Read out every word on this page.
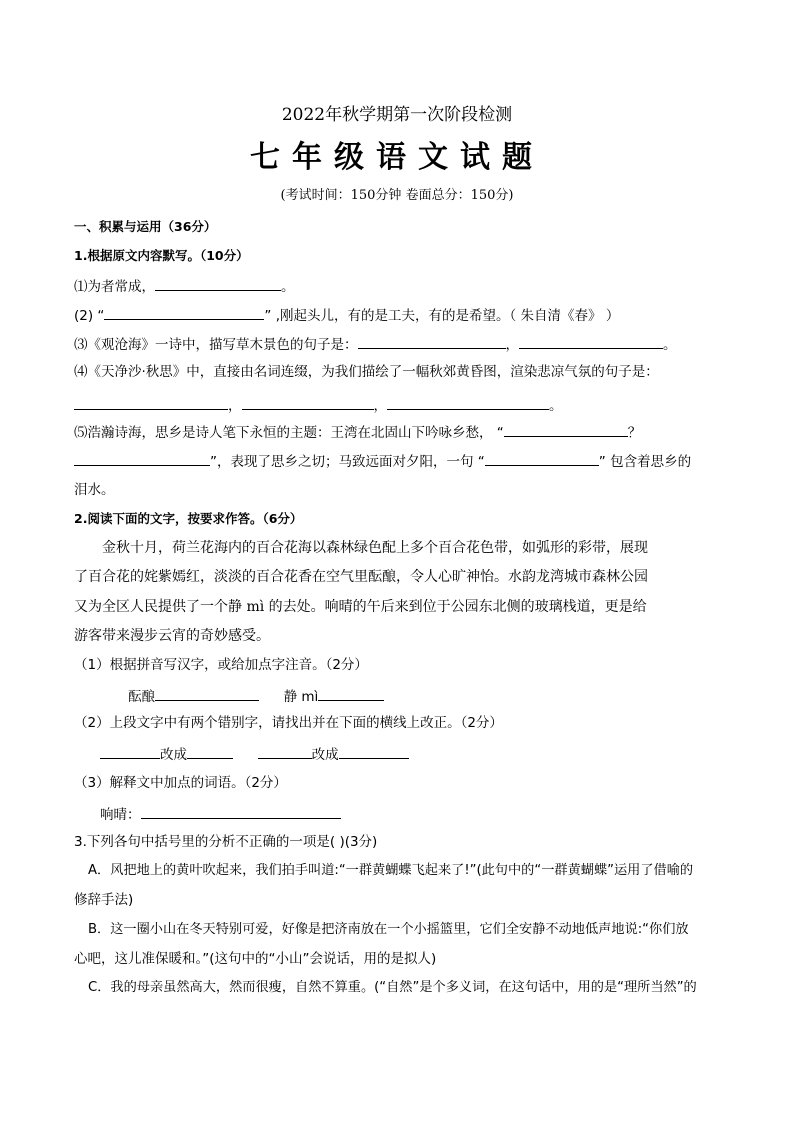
2022年秋学期第一次阶段检测
七年级语文试题
(考试时间：150分钟 卷面总分：150分)
一、积累与运用（36分）
1.根据原文内容默写。（10分）
⑴为者常成，	。
(2) “	” ,刚起头儿，有的是工夫，有的是希望。（ 朱自清《春》 ）
⑶《观沧海》一诗中，描写草木景色的句子是：	，	。
⑷《天净沙·秋思》中，直接由名词连缀，为我们描绘了一幅秋郊黄昏图，渲染悲凉气氛的句子是：
，	，	。
⑸浩瀚诗海，思乡是诗人笔下永恒的主题：王湾在北固山下吟咏乡愁， “	？
”，表现了思乡之切；马致远面对夕阳，一句 “	” 包含着思乡的
泪水。
2.阅读下面的文字，按要求作答。（6分）
金秋十月，荷兰花海内的百合花海以森林绿色配上多个百合花色带，如弧形的彩带，展现
了百合花的姹紫嫣红，淡淡的百合花香在空气里酝酿，令人心旷神怡。水韵龙湾城市森林公园
又为全区人民提供了一个静 mì 的去处。响晴的午后来到位于公园东北侧的玻璃栈道，更是给
游客带来漫步云宵的奇妙感受。
（1）根据拼音写汉字，或给加点字注音。（2分）
酝酿	静 mì
（2）上段文字中有两个错别字，请找出并在下面的横线上改正。（2分）
改成	改成
（3）解释文中加点的词语。（2分）
响晴：
3.下列各句中括号里的分析不正确的一项是( )(3分)
A．风把地上的黄叶吹起来，我们拍手叫道:“一群黄蝴蝶飞起来了!”(此句中的“一群黄蝴蝶”运用了借喻的
修辞手法)
B．这一圈小山在冬天特别可爱，好像是把济南放在一个小摇篮里，它们全安静不动地低声地说:“你们放
心吧，这儿准保暖和。”(这句中的“小山”会说话，用的是拟人)
C．我的母亲虽然高大，然而很瘦，自然不算重。(“自然”是个多义词，在这句话中，用的是“理所当然”的
